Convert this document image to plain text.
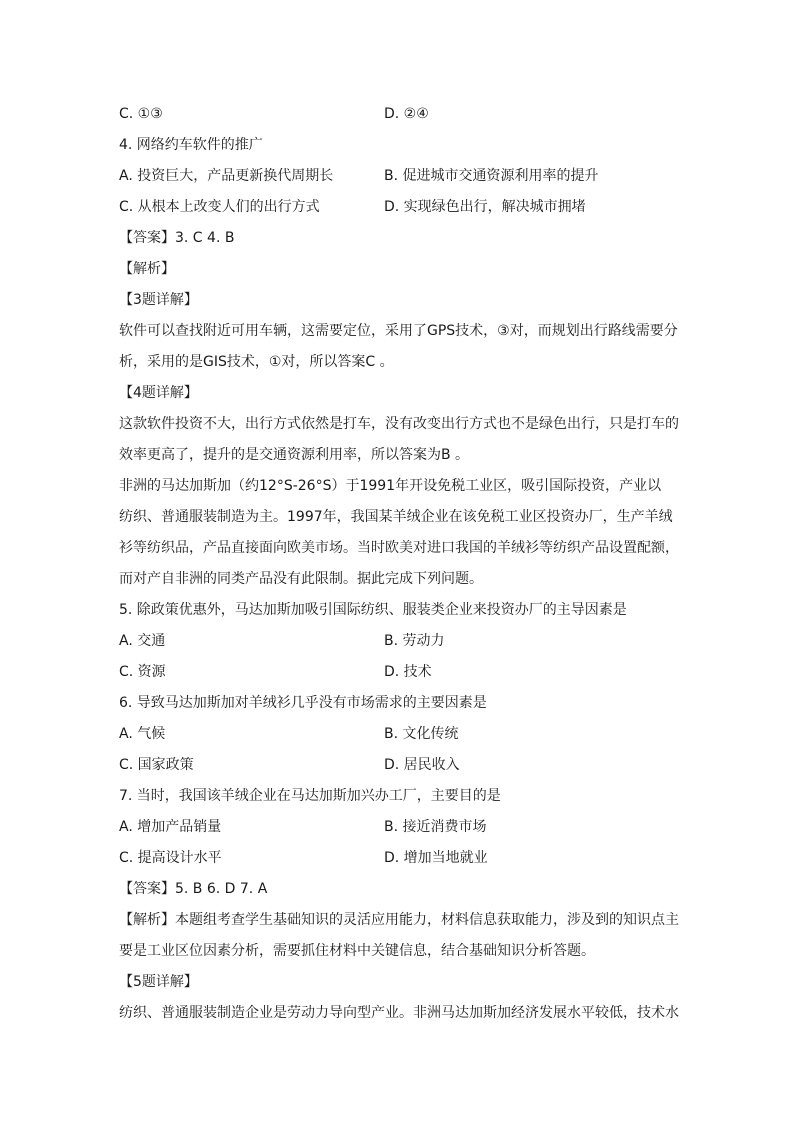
C. ①③	D. ②④
4. 网络约车软件的推广
A. 投资巨大，产品更新换代周期长	B. 促进城市交通资源利用率的提升
C. 从根本上改变人们的出行方式	D. 实现绿色出行，解决城市拥堵
【答案】3. C 4. B
【解析】
【3题详解】
软件可以查找附近可用车辆，这需要定位，采用了GPS技术，③对，而规划出行路线需要分
析，采用的是GIS技术，①对，所以答案C 。
【4题详解】
这款软件投资不大，出行方式依然是打车，没有改变出行方式也不是绿色出行，只是打车的
效率更高了，提升的是交通资源利用率，所以答案为B 。
非洲的马达加斯加（约12°S-26°S）于1991年开设免税工业区，吸引国际投资，产业以
纺织、普通服装制造为主。1997年，我国某羊绒企业在该免税工业区投资办厂，生产羊绒
衫等纺织品，产品直接面向欧美市场。当时欧美对进口我国的羊绒衫等纺织产品设置配额，
而对产自非洲的同类产品没有此限制。据此完成下列问题。
5. 除政策优惠外，马达加斯加吸引国际纺织、服装类企业来投资办厂的主导因素是
A. 交通	B. 劳动力
C. 资源	D. 技术
6. 导致马达加斯加对羊绒衫几乎没有市场需求的主要因素是
A. 气候	B. 文化传统
C. 国家政策	D. 居民收入
7. 当时，我国该羊绒企业在马达加斯加兴办工厂，主要目的是
A. 增加产品销量	B. 接近消费市场
C. 提高设计水平	D. 增加当地就业
【答案】5. B 6. D 7. A
【解析】本题组考查学生基础知识的灵活应用能力，材料信息获取能力，涉及到的知识点主
要是工业区位因素分析，需要抓住材料中关键信息，结合基础知识分析答题。
【5题详解】
纺织、普通服装制造企业是劳动力导向型产业。非洲马达加斯加经济发展水平较低，技术水
